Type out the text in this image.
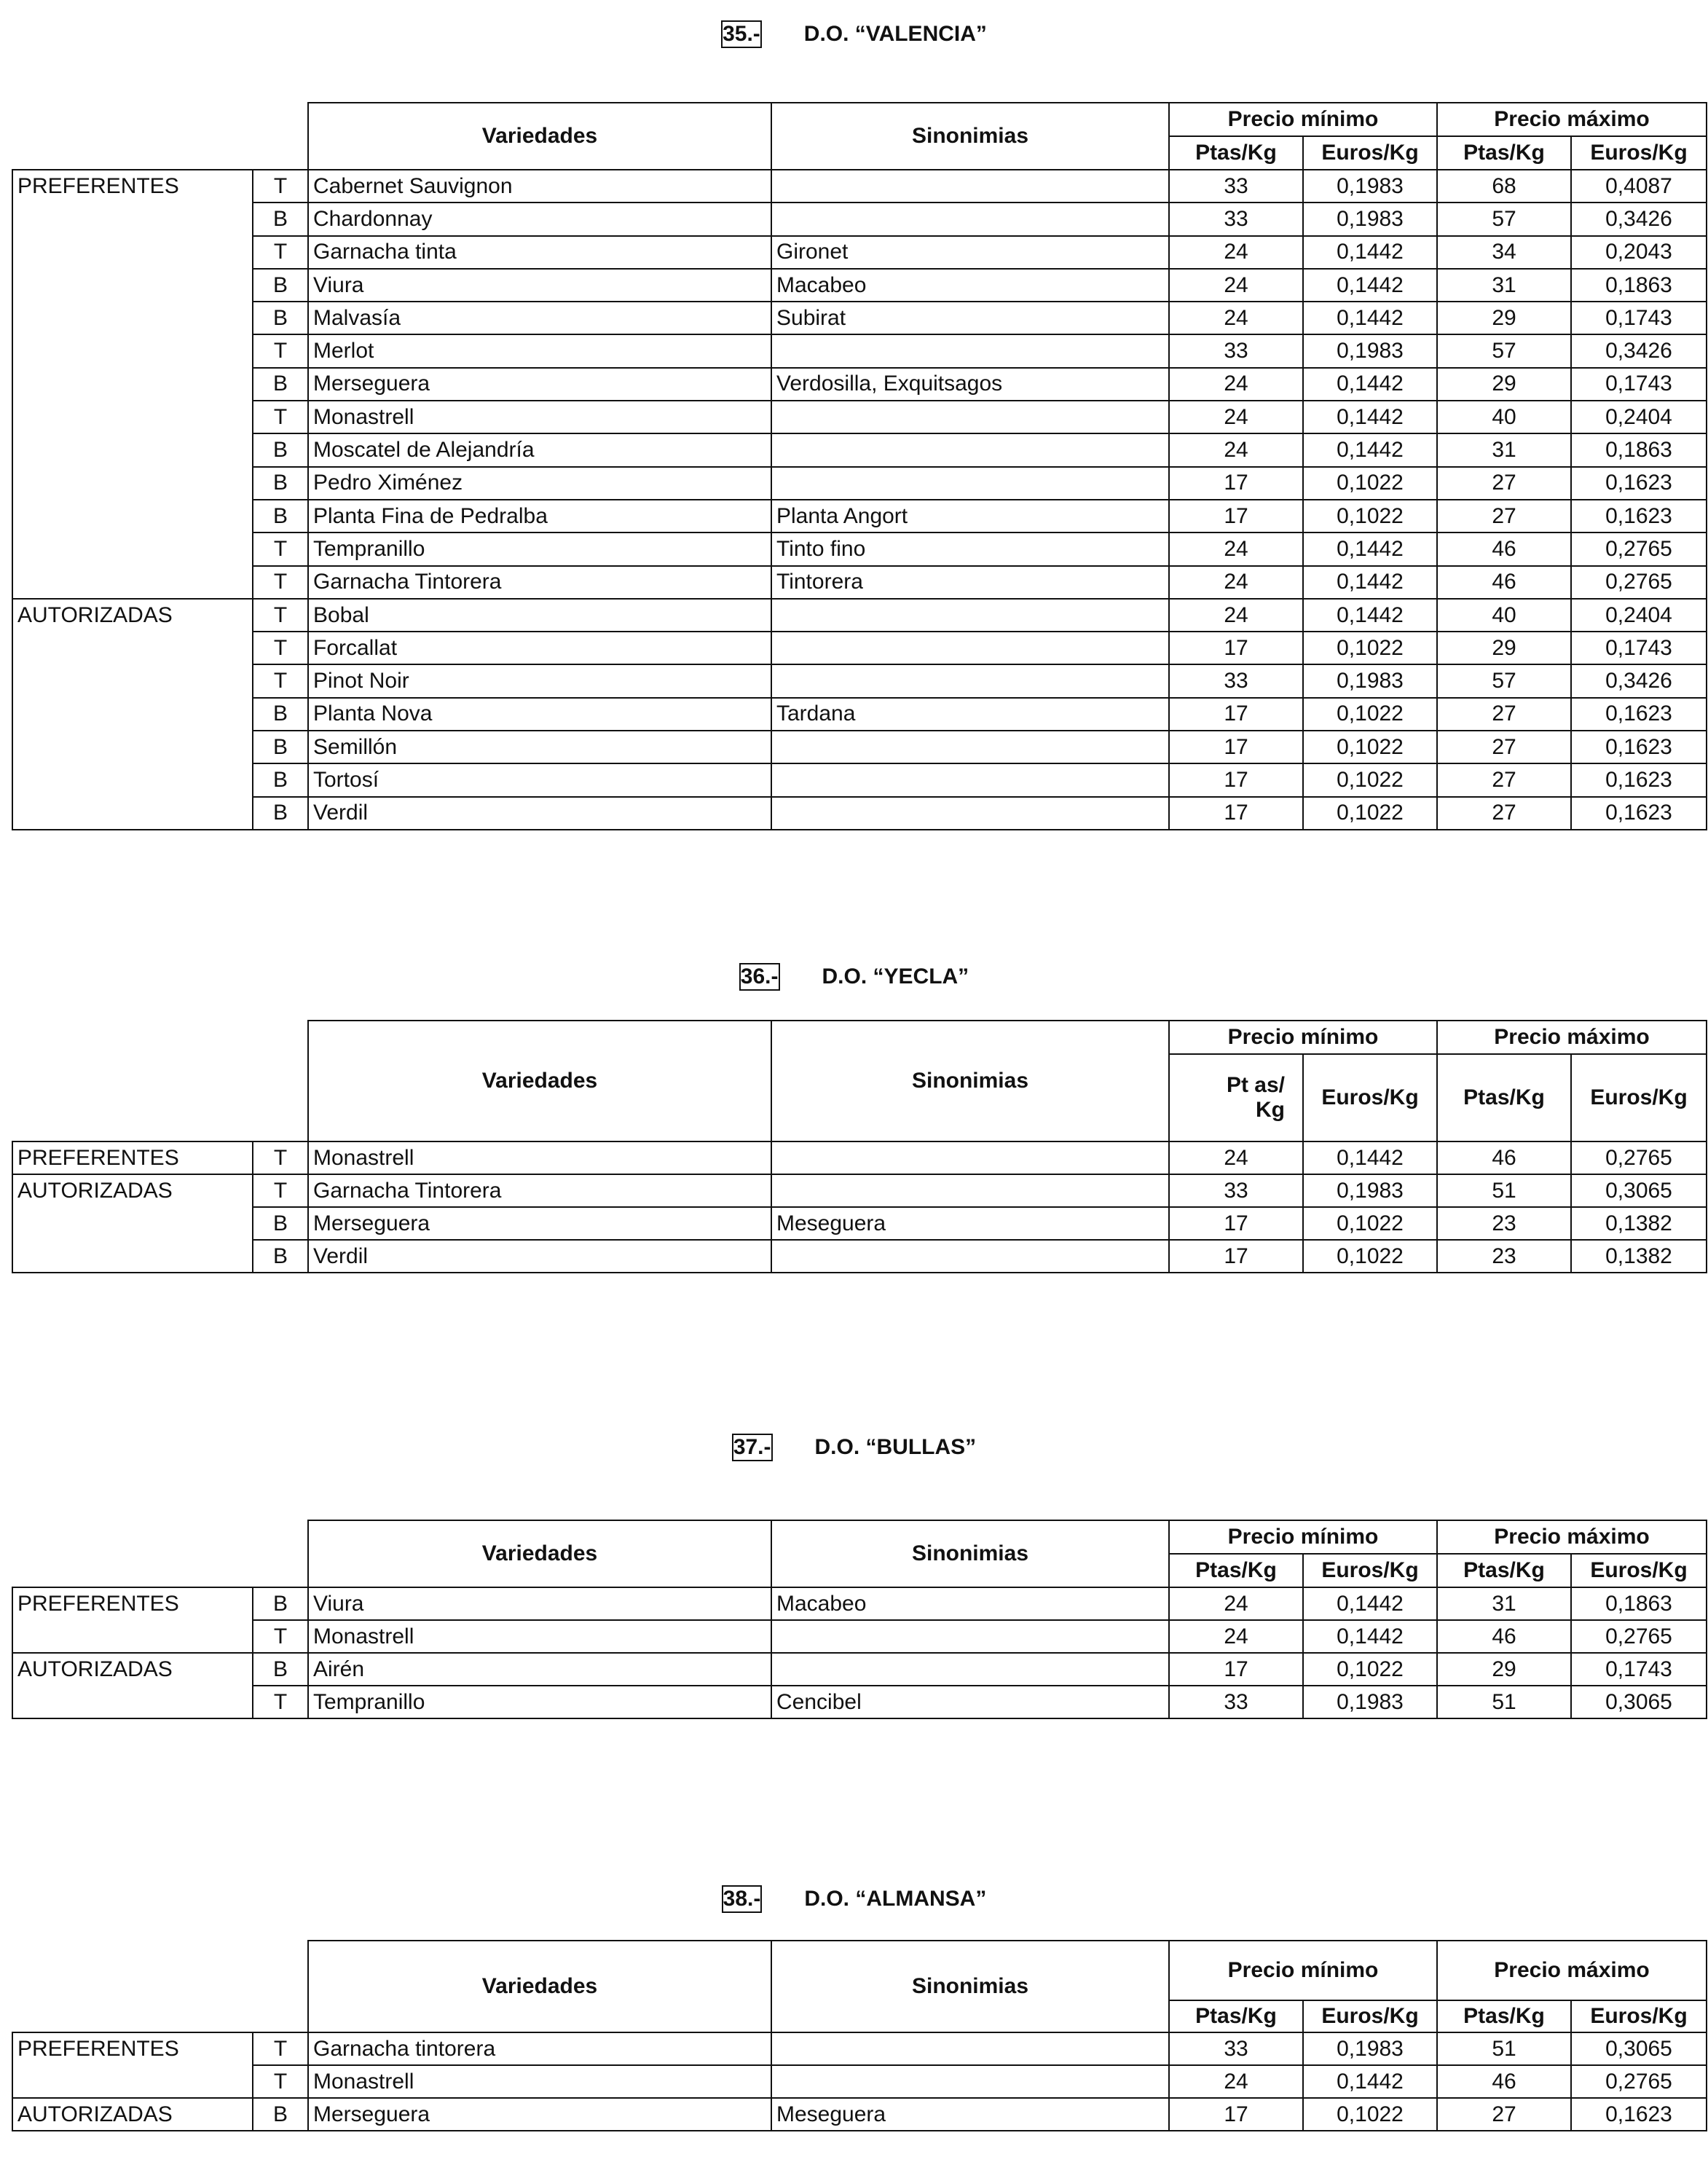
35.- D.O. “VALENCIA”
		Variedades	Sinonimias	Precio mínimo		Precio máximo	
				Ptas/Kg	Euros/Kg	Ptas/Kg	Euros/Kg
PREFERENTES	T	Cabernet Sauvignon		33	0,1983	68	0,4087
	B	Chardonnay		33	0,1983	57	0,3426
	T	Garnacha tinta	Gironet	24	0,1442	34	0,2043
	B	Viura	Macabeo	24	0,1442	31	0,1863
	B	Malvasía	Subirat	24	0,1442	29	0,1743
	T	Merlot		33	0,1983	57	0,3426
	B	Merseguera	Verdosilla, Exquitsagos	24	0,1442	29	0,1743
	T	Monastrell		24	0,1442	40	0,2404
	B	Moscatel de Alejandría		24	0,1442	31	0,1863
	B	Pedro Ximénez		17	0,1022	27	0,1623
	B	Planta Fina de Pedralba	Planta Angort	17	0,1022	27	0,1623
	T	Tempranillo	Tinto fino	24	0,1442	46	0,2765
	T	Garnacha Tintorera	Tintorera	24	0,1442	46	0,2765
AUTORIZADAS	T	Bobal		24	0,1442	40	0,2404
	T	Forcallat		17	0,1022	29	0,1743
	T	Pinot Noir		33	0,1983	57	0,3426
	B	Planta Nova	Tardana	17	0,1022	27	0,1623
	B	Semillón		17	0,1022	27	0,1623
	B	Tortosí		17	0,1022	27	0,1623
	B	Verdil		17	0,1022	27	0,1623
36.- D.O. “YECLA”
		Variedades	Sinonimias	Precio mínimo		Precio máximo	
				Pt as/ Kg	Euros/Kg	Ptas/Kg	Euros/Kg
PREFERENTES	T	Monastrell		24	0,1442	46	0,2765
AUTORIZADAS	T	Garnacha Tintorera		33	0,1983	51	0,3065
	B	Merseguera	Meseguera	17	0,1022	23	0,1382
	B	Verdil		17	0,1022	23	0,1382
37.- D.O. “BULLAS”
		Variedades	Sinonimias	Precio mínimo		Precio máximo	
				Ptas/Kg	Euros/Kg	Ptas/Kg	Euros/Kg
PREFERENTES	B	Viura	Macabeo	24	0,1442	31	0,1863
	T	Monastrell		24	0,1442	46	0,2765
AUTORIZADAS	B	Airén		17	0,1022	29	0,1743
	T	Tempranillo	Cencibel	33	0,1983	51	0,3065
38.- D.O. “ALMANSA”
		Variedades	Sinonimias	Precio mínimo		Precio máximo	
				Ptas/Kg	Euros/Kg	Ptas/Kg	Euros/Kg
PREFERENTES	T	Garnacha tintorera		33	0,1983	51	0,3065
	T	Monastrell		24	0,1442	46	0,2765
AUTORIZADAS	B	Merseguera	Meseguera	17	0,1022	27	0,1623
